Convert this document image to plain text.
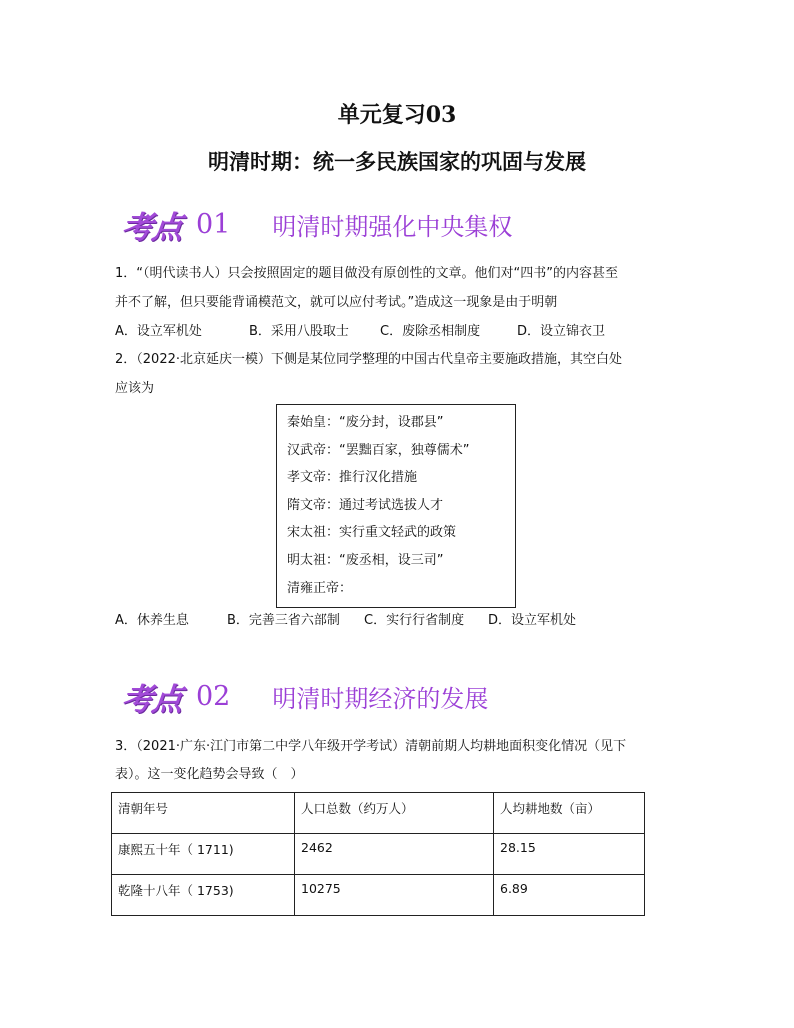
单元复习03
明清时期：统一多民族国家的巩固与发展
考点 01 明清时期强化中央集权
1．“（明代读书人）只会按照固定的题目做没有原创性的文章。他们对“四书”的内容甚至
并不了解，但只要能背诵模范文，就可以应付考试。”造成这一现象是由于明朝
A．设立军机处	B．采用八股取士 C．废除丞相制度	D．设立锦衣卫
2．（2022·北京延庆一模）下侧是某位同学整理的中国古代皇帝主要施政措施，其空白处
应该为
秦始皇：“废分封，设郡县”
汉武帝：“罢黜百家，独尊儒术”
孝文帝：推行汉化措施
隋文帝：通过考试选拔人才
宋太祖：实行重文轻武的政策
明太祖：“废丞相，设三司”
清雍正帝：
A．休养生息	B．完善三省六部制 C．实行行省制度 D．设立军机处
考点 02 明清时期经济的发展
3．（2021·广东·江门市第二中学八年级开学考试）清朝前期人均耕地面积变化情况（见下
表）。这一变化趋势会导致（　）
清朝年号	人口总数（约万人）	人均耕地数（亩）
康熙五十年（ 1711)	2462	28.15
乾隆十八年（ 1753)	10275	6.89
